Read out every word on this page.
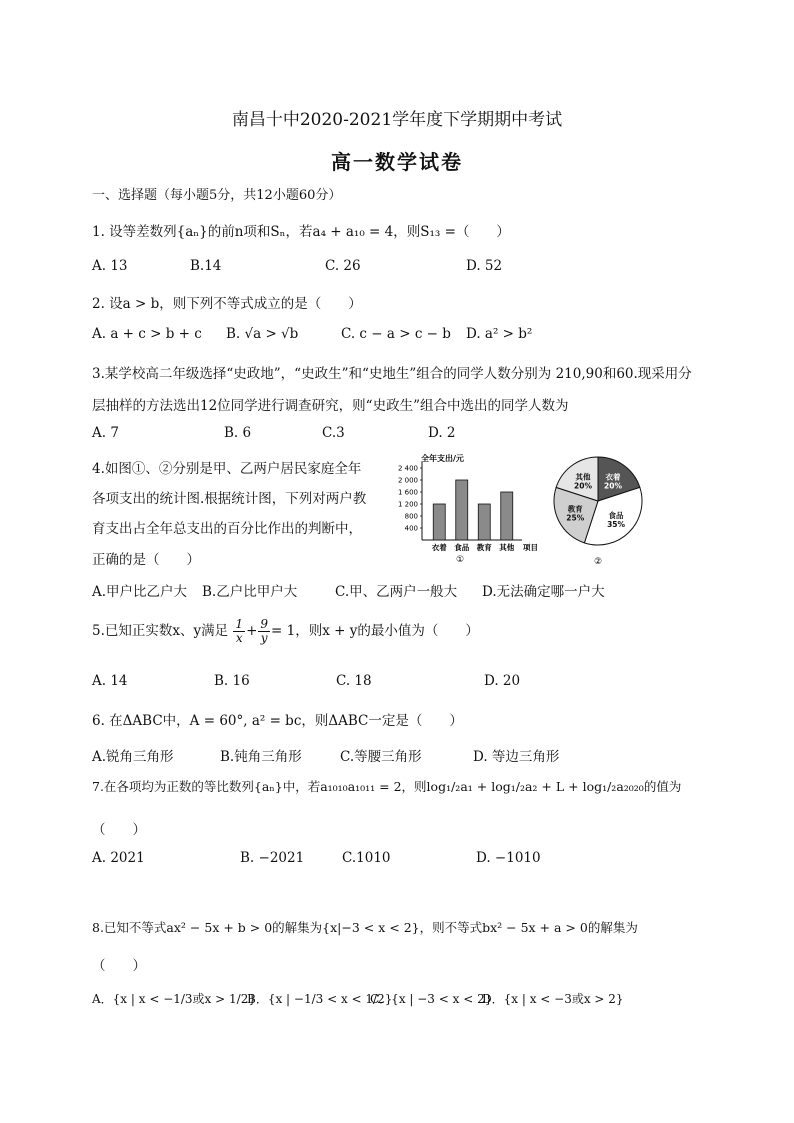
南昌十中2020-2021学年度下学期期中考试
高一数学试卷
一、选择题（每小题5分，共12小题60分）
1. 设等差数列{aₙ}的前n项和Sₙ，若a₄ + a₁₀ = 4，则S₁₃ =（　　）
A. 13	B.14	C. 26	D. 52
2. 设a > b，则下列不等式成立的是（　　）
A. a + c > b + c B. √a > √b	C. c − a > c − b D. a² > b²
3.某学校高二年级选择“史政地”，“史政生”和“史地生”组合的同学人数分别为 210,90和60.现采用分
层抽样的方法选出12位同学进行调查研究，则“史政生”组合中选出的同学人数为
A. 7	B. 6	C.3	D. 2
4.如图①、②分别是甲、乙两户居民家庭全年
各项支出的统计图.根据统计图，下列对两户教
育支出占全年总支出的百分比作出的判断中，
正确的是（　　）
全年支出/元
400
800
1 200
1 600
2 000
2 400
衣着 食品 教育 其他 项目
①
衣着
20%
食品
35%
教育
25%
其他
20%
②
A.甲户比乙户大 B.乙户比甲户大	C.甲、乙两户一般大 D.无法确定哪一户大
5.已知正实数x、y满足 $\frac{1}{x} + \frac{9}{y} = 1$，则x + y的最小值为（　　）
A. 14	B. 16	C. 18	D. 20
6. 在ΔABC中，A = 60°, a² = bc，则ΔABC一定是（　　）
A.锐角三角形	B.钝角三角形	C.等腰三角形	D. 等边三角形
7.在各项均为正数的等比数列{aₙ}中，若a₁₀₁₀a₁₀₁₁ = 2，则log₁/₂a₁ + log₁/₂a₂ + L + log₁/₂a₂₀₂₀的值为
（　　）
A. 2021	B. −2021	C.1010	D. −1010
8.已知不等式ax² − 5x + b > 0的解集为{x|−3 < x < 2}，则不等式bx² − 5x + a > 0的解集为
（　　）
A．{x | x < −1/3或x > 1/2}
B．{x | −1/3 < x < 1/2}
C．{x | −3 < x < 2}
D．{x | x < −3或x > 2}
